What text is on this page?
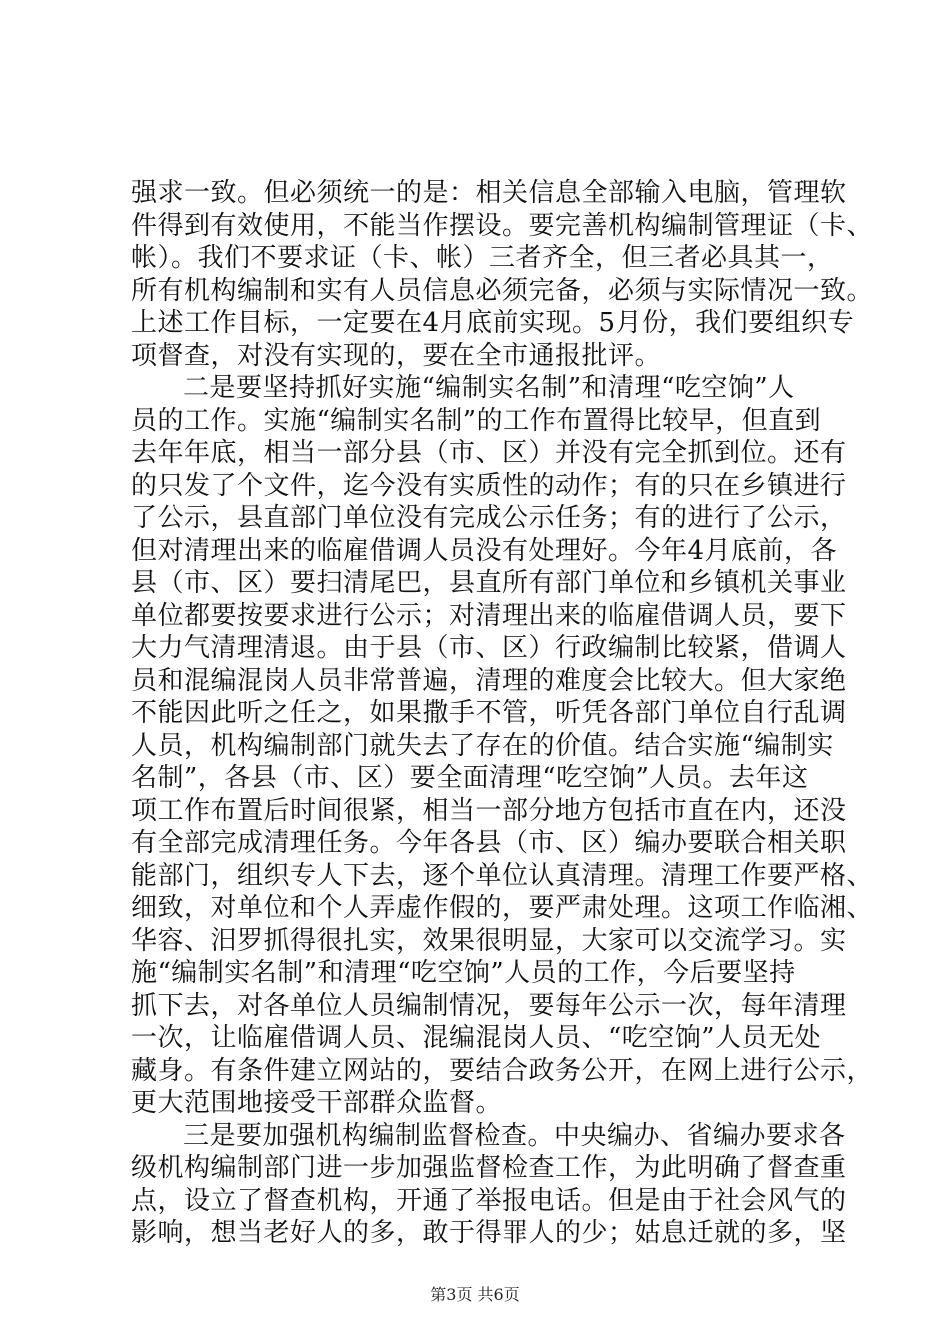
强求一致。但必须统一的是：相关信息全部输入电脑，管理软
件得到有效使用，不能当作摆设。要完善机构编制管理证（卡、
帐）。我们不要求证（卡、帐）三者齐全，但三者必具其一，
所有机构编制和实有人员信息必须完备，必须与实际情况一致。
上述工作目标，一定要在4月底前实现。5月份，我们要组织专
项督查，对没有实现的，要在全市通报批评。
二是要坚持抓好实施“编制实名制”和清理“吃空饷”人
员的工作。实施“编制实名制”的工作布置得比较早，但直到
去年年底，相当一部分县（市、区）并没有完全抓到位。还有
的只发了个文件，迄今没有实质性的动作；有的只在乡镇进行
了公示，县直部门单位没有完成公示任务；有的进行了公示，
但对清理出来的临雇借调人员没有处理好。今年4月底前，各
县（市、区）要扫清尾巴，县直所有部门单位和乡镇机关事业
单位都要按要求进行公示；对清理出来的临雇借调人员，要下
大力气清理清退。由于县（市、区）行政编制比较紧，借调人
员和混编混岗人员非常普遍，清理的难度会比较大。但大家绝
不能因此听之任之，如果撒手不管，听凭各部门单位自行乱调
人员，机构编制部门就失去了存在的价值。结合实施“编制实
名制”，各县（市、区）要全面清理“吃空饷”人员。去年这
项工作布置后时间很紧，相当一部分地方包括市直在内，还没
有全部完成清理任务。今年各县（市、区）编办要联合相关职
能部门，组织专人下去，逐个单位认真清理。清理工作要严格、
细致，对单位和个人弄虚作假的，要严肃处理。这项工作临湘、
华容、汨罗抓得很扎实，效果很明显，大家可以交流学习。实
施“编制实名制”和清理“吃空饷”人员的工作，今后要坚持
抓下去，对各单位人员编制情况，要每年公示一次，每年清理
一次，让临雇借调人员、混编混岗人员、“吃空饷”人员无处
藏身。有条件建立网站的，要结合政务公开，在网上进行公示，
更大范围地接受干部群众监督。
三是要加强机构编制监督检查。中央编办、省编办要求各
级机构编制部门进一步加强监督检查工作，为此明确了督查重
点，设立了督查机构，开通了举报电话。但是由于社会风气的
影响，想当老好人的多，敢于得罪人的少；姑息迁就的多，坚
第3页 共6页
